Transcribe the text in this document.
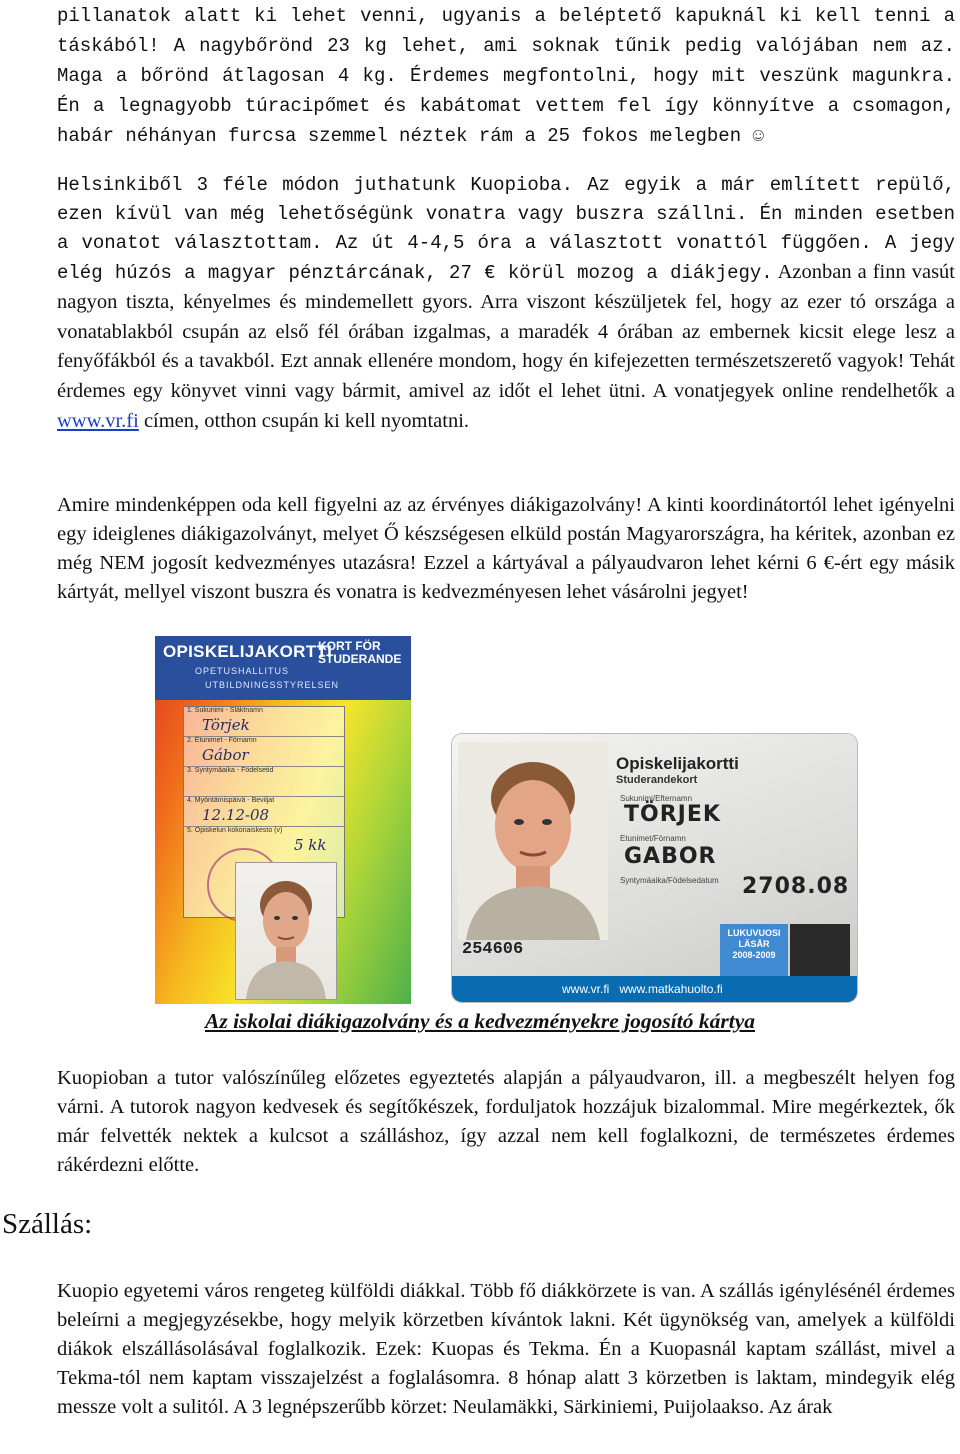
pillanatok alatt ki lehet venni, ugyanis a beléptető kapuknál ki kell tenni a táskából! A nagybőrönd 23 kg lehet, ami soknak tűnik pedig valójában nem az. Maga a bőrönd átlagosan 4 kg. Érdemes megfontolni, hogy mit veszünk magunkra. Én a legnagyobb túracipőmet és kabátomat vettem fel így könnyítve a csomagon, habár néhányan furcsa szemmel néztek rám a 25 fokos melegben ☺

Helsinkiből 3 féle módon juthatunk Kuopioba. Az egyik a már említett repülő, ezen kívül van még lehetőségünk vonatra vagy buszra szállni. Én minden esetben a vonatot választottam. Az út 4-4,5 óra a választott vonattól függően. A jegy elég húzós a magyar pénztárcának, 27 € körül mozog a diákjegy. Azonban a finn vasút nagyon tiszta, kényelmes és mindemellett gyors. Arra viszont készüljetek fel, hogy az ezer tó országa a vonatablakból csupán az első fél órában izgalmas, a maradék 4 órában az embernek kicsit elege lesz a fenyőfákból és a tavakból. Ezt annak ellenére mondom, hogy én kifejezetten természetszerető vagyok! Tehát érdemes egy könyvet vinni vagy bármit, amivel az időt el lehet ütni. A vonatjegyek online rendelhetők a www.vr.fi címen, otthon csupán ki kell nyomtatni.

Amire mindenképpen oda kell figyelni az az érvényes diákigazolvány! A kinti koordinátortól lehet igényelni egy ideiglenes diákigazolványt, melyet Ő készségesen elküld postán Magyarországra, ha kéritek, azonban ez még NEM jogosít kedvezményes utazásra! Ezzel a kártyával a pályaudvaron lehet kérni 6 €-ért egy másik kártyát, mellyel viszont buszra és vonatra is kedvezményesen lehet vásárolni jegyet!

OPISKELIJAKORTTI
OPETUSHALLITUS
UTBILDNINGSSTYRELSEN
KORT FÖR
STUDERANDE
1. Sukunimi - Släktnamn
Törjek
2. Etunimet - Förnamn
Gábor
3. Syntymäaika - Födelsetid
4. Myöntämispäivä - Beviljat
12.12-08
5. Opiskelun kokonaiskesto (v)
5 kk
Opiskelijakortti
Studerandekort
Sukunimi/Efternamn
TÖRJEK
Etunimet/Förnamn
GABOR
Syntymäaika/Födelsedatum 2708.08
254606
LUKUVUOSI
LÄSÅR
2008-2009
www.vr.fi   www.matkahuolto.fi
Az iskolai diákigazolvány és a kedvezményekre jogosító kártya

Kuopioban a tutor valószínűleg előzetes egyeztetés alapján a pályaudvaron, ill. a megbeszélt helyen fog várni. A tutorok nagyon kedvesek és segítőkészek, forduljatok hozzájuk bizalommal. Mire megérkeztek, ők már felvették nektek a kulcsot a szálláshoz, így azzal nem kell foglalkozni, de természetes érdemes rákérdezni előtte.

Szállás:

Kuopio egyetemi város rengeteg külföldi diákkal. Több fő diákkörzete is van. A szállás igénylésénél érdemes beleírni a megjegyzésekbe, hogy melyik körzetben kívántok lakni. Két ügynökség van, amelyek a külföldi diákok elszállásolásával foglalkozik. Ezek: Kuopas és Tekma. Én a Kuopasnál kaptam szállást, mivel a Tekma-tól nem kaptam visszajelzést a foglalásomra. 8 hónap alatt 3 körzetben is laktam, mindegyik elég messze volt a sulitól. A 3 legnépszerűbb körzet: Neulamäkki, Särkiniemi, Puijolaakso. Az árak
